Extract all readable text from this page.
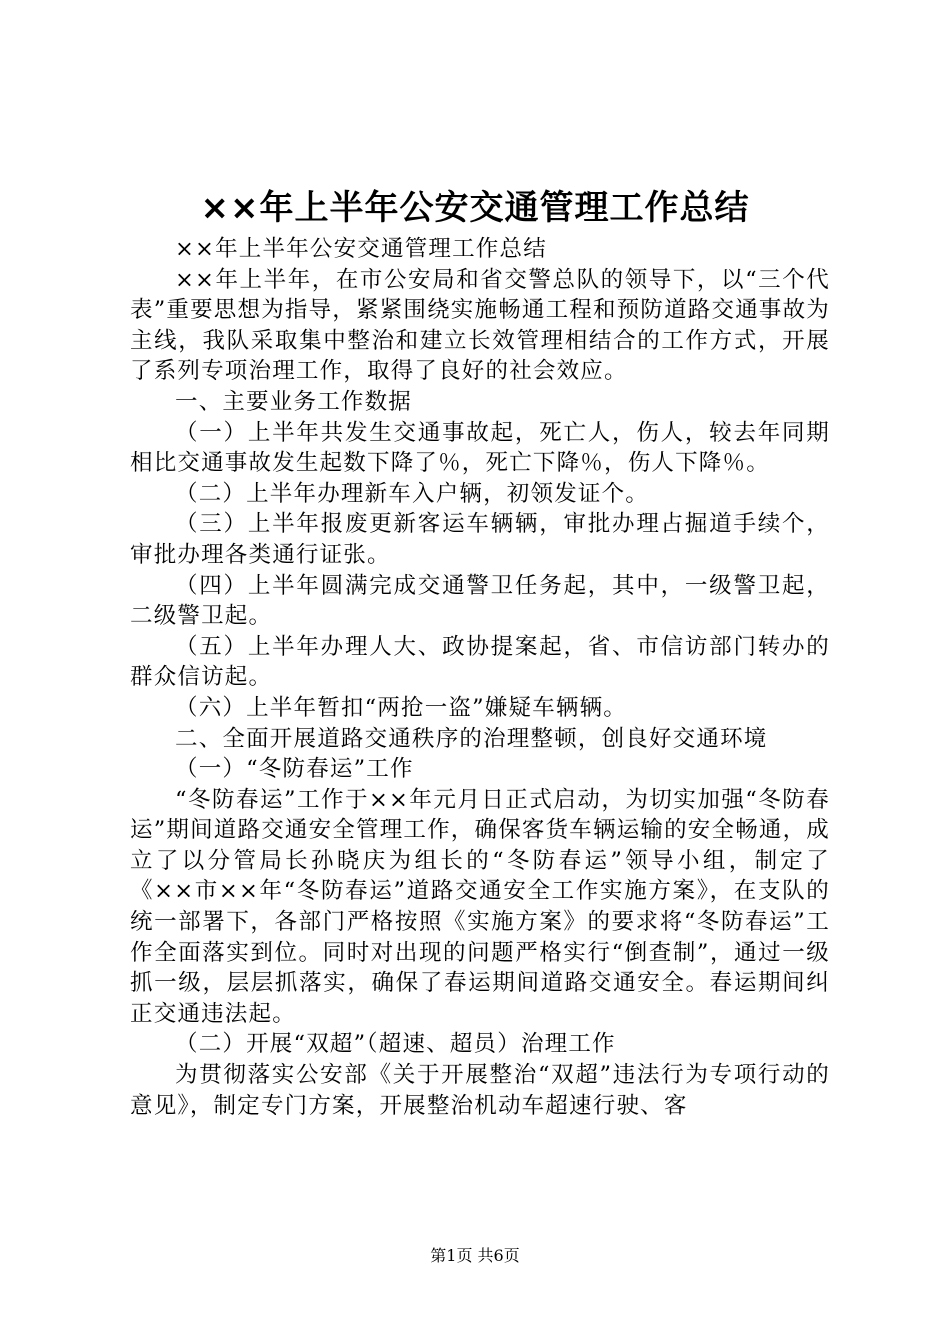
××年上半年公安交通管理工作总结

××年上半年公安交通管理工作总结

××年上半年，在市公安局和省交警总队的领导下，以“三个代表”重要思想为指导，紧紧围绕实施畅通工程和预防道路交通事故为主线，我队采取集中整治和建立长效管理相结合的工作方式，开展了系列专项治理工作，取得了良好的社会效应。

一、主要业务工作数据

（一）上半年共发生交通事故起，死亡人，伤人，较去年同期相比交通事故发生起数下降了％，死亡下降％，伤人下降％。

（二）上半年办理新车入户辆，初领发证个。

（三）上半年报废更新客运车辆辆，审批办理占掘道手续个，审批办理各类通行证张。

（四）上半年圆满完成交通警卫任务起，其中，一级警卫起，二级警卫起。

（五）上半年办理人大、政协提案起，省、市信访部门转办的群众信访起。

（六）上半年暂扣“两抢一盗”嫌疑车辆辆。

二、全面开展道路交通秩序的治理整顿，创良好交通环境

（一）“冬防春运”工作

“冬防春运”工作于××年元月日正式启动，为切实加强“冬防春运”期间道路交通安全管理工作，确保客货车辆运输的安全畅通，成立了以分管局长孙晓庆为组长的“冬防春运”领导小组，制定了《××市××年“冬防春运”道路交通安全工作实施方案》，在支队的统一部署下，各部门严格按照《实施方案》的要求将“冬防春运”工作全面落实到位。同时对出现的问题严格实行“倒查制”，通过一级抓一级，层层抓落实，确保了春运期间道路交通安全。春运期间纠正交通违法起。

（二）开展“双超”（超速、超员）治理工作

为贯彻落实公安部《关于开展整治“双超”违法行为专项行动的意见》，制定专门方案，开展整治机动车超速行驶、客

第1页 共6页
